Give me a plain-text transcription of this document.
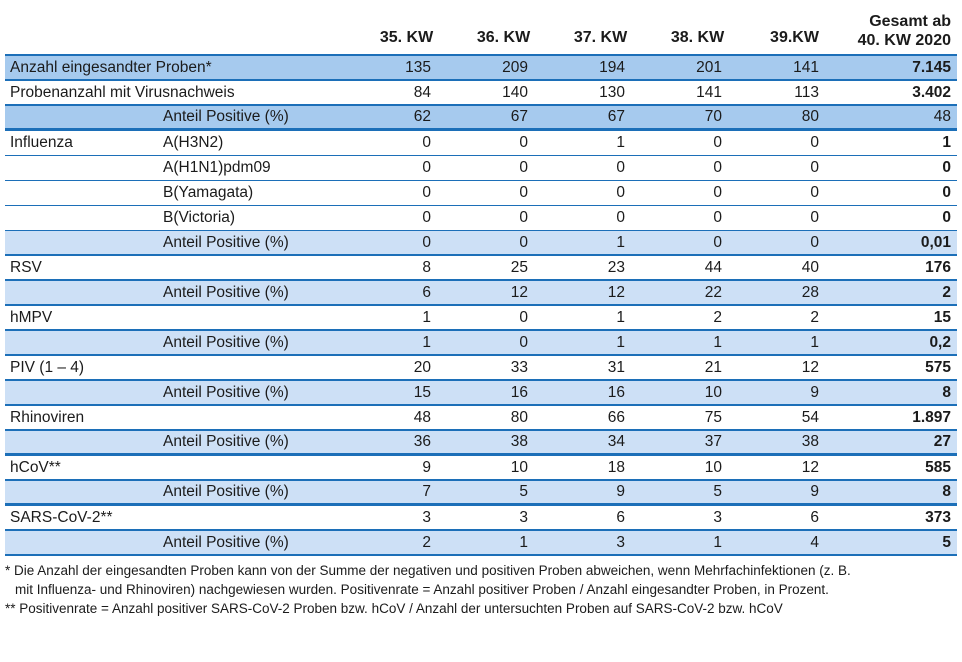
35. KW	36. KW	37. KW	38. KW	39.KW
Gesamt ab
40. KW 2020
Anzahl eingesandter Proben*	135	209	194	201	141	7.145
Probenanzahl mit Virusnachweis	84	140	130	141	113	3.402
Anteil Positive (%)	62	67	67	70	80	48
Influenza	A(H3N2)	0	0	1	0	0	1
A(H1N1)pdm09	0	0	0	0	0	0
B(Yamagata)	0	0	0	0	0	0
B(Victoria)	0	0	0	0	0	0
Anteil Positive (%)	0	0	1	0	0	0,01
RSV	8	25	23	44	40	176
Anteil Positive (%)	6	12	12	22	28	2
hMPV	1	0	1	2	2	15
Anteil Positive (%)	1	0	1	1	1	0,2
PIV (1 – 4)	20	33	31	21	12	575
Anteil Positive (%)	15	16	16	10	9	8
Rhinoviren	48	80	66	75	54	1.897
Anteil Positive (%)	36	38	34	37	38	27
hCoV**	9	10	18	10	12	585
Anteil Positive (%)	7	5	9	5	9	8
SARS-CoV-2**	3	3	6	3	6	373
Anteil Positive (%)	2	1	3	1	4	5
* Die Anzahl der eingesandten Proben kann von der Summe der negativen und positiven Proben abweichen, wenn Mehrfachinfektionen (z. B.
mit Influenza- und Rhinoviren) nachgewiesen wurden. Positivenrate = Anzahl positiver Proben / Anzahl eingesandter Proben, in Prozent.
** Positivenrate = Anzahl positiver SARS-CoV-2 Proben bzw. hCoV / Anzahl der untersuchten Proben auf SARS-CoV-2 bzw. hCoV
